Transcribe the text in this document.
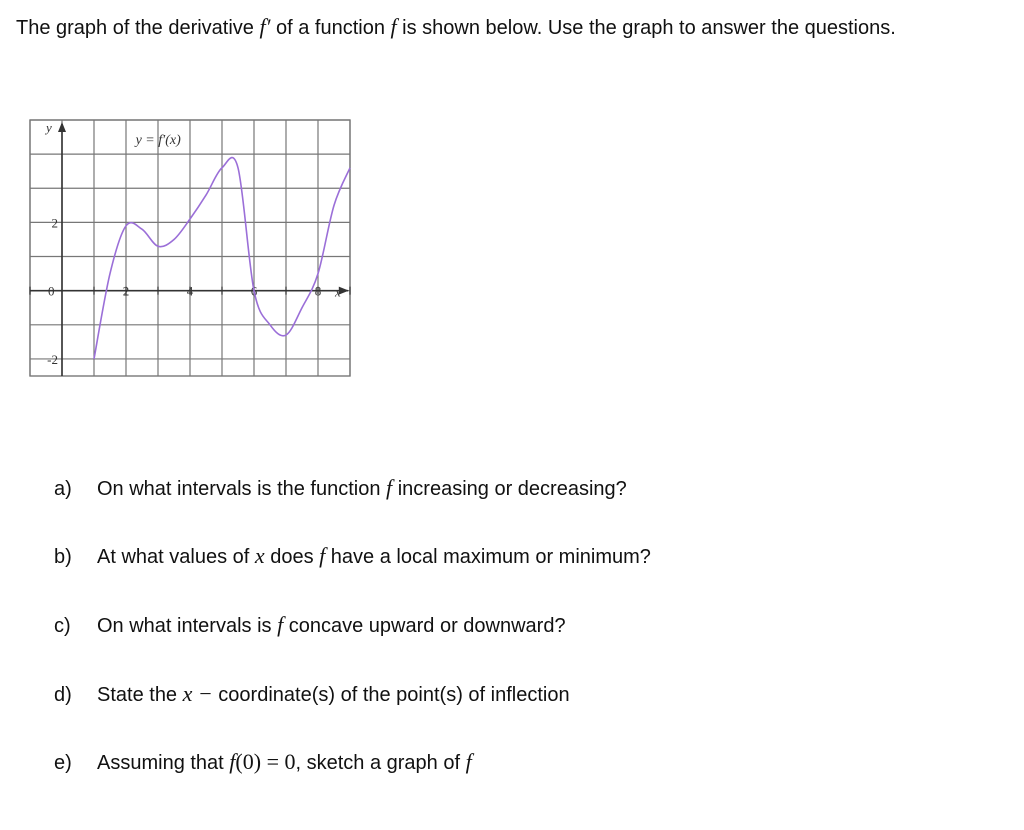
The graph of the derivative f′ of a function f is shown below. Use the graph to answer the questions.
0	2	4	6	8
2
-2
x
y
y = f′(x)
a) On what intervals is the function f increasing or decreasing?
b) At what values of x does f have a local maximum or minimum?
c) On what intervals is f concave upward or downward?
d) State the x − coordinate(s) of the point(s) of inflection
e) Assuming that f(0) = 0, sketch a graph of f
